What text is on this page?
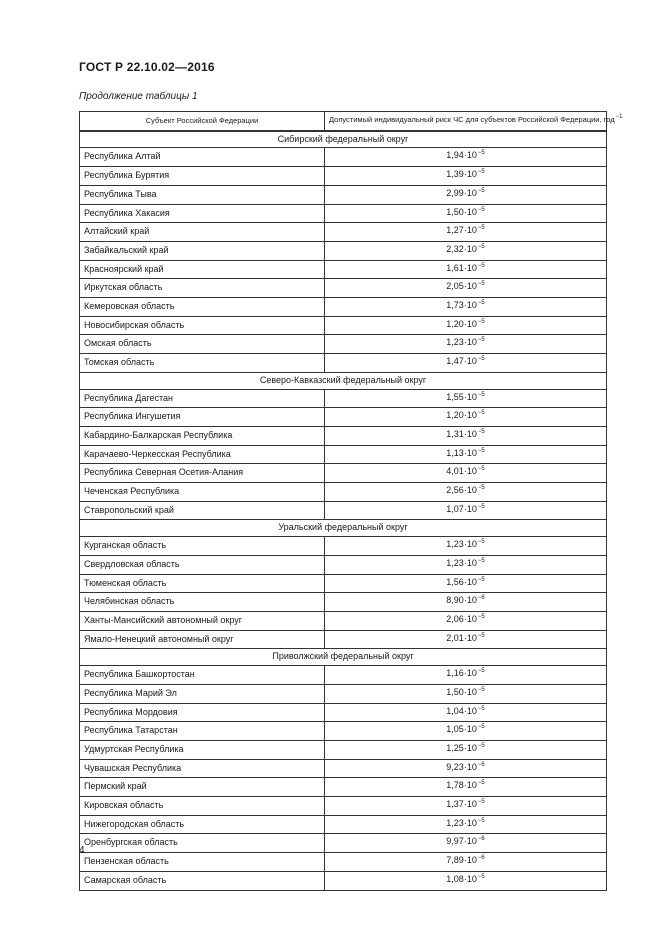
ГОСТ Р 22.10.02—2016
Продолжение таблицы 1
Субъект Российской Федерации	Допустимый индивидуальный риск ЧС для субъектов Российской Федерации, год$^{-1}$
Сибирский федеральный округ	
Республика Алтай	$1,94\cdot 10^{-5}$
Республика Бурятия	$1,39\cdot 10^{-5}$
Республика Тыва	$2,99\cdot 10^{-5}$
Республика Хакасия	$1,50\cdot 10^{-5}$
Алтайский край	$1,27\cdot 10^{-5}$
Забайкальский край	$2,32\cdot 10^{-5}$
Красноярский край	$1,61\cdot 10^{-5}$
Иркутская область	$2,05\cdot 10^{-5}$
Кемеровская область	$1,73\cdot 10^{-5}$
Новосибирская область	$1,20\cdot 10^{-5}$
Омская область	$1,23\cdot 10^{-5}$
Томская область	$1,47\cdot 10^{-5}$
Северо-Кавказский федеральный округ	
Республика Дагестан	$1,55\cdot 10^{-5}$
Республика Ингушетия	$1,20\cdot 10^{-5}$
Кабардино-Балкарская Республика	$1,31\cdot 10^{-5}$
Карачаево-Черкесская Республика	$1,13\cdot 10^{-5}$
Республика Северная Осетия-Алания	$4,01\cdot 10^{-5}$
Чеченская Республика	$2,56\cdot 10^{-5}$
Ставропольский край	$1,07\cdot 10^{-5}$
Уральский федеральный округ	
Курганская область	$1,23\cdot 10^{-5}$
Свердловская область	$1,23\cdot 10^{-5}$
Тюменская область	$1,56\cdot 10^{-5}$
Челябинская область	$8,90\cdot 10^{-6}$
Ханты-Мансийский автономный округ	$2,06\cdot 10^{-5}$
Ямало-Ненецкий автономный округ	$2,01\cdot 10^{-5}$
Приволжский федеральный округ	
Республика Башкортостан	$1,16\cdot 10^{-5}$
Республика Марий Эл	$1,50\cdot 10^{-5}$
Республика Мордовия	$1,04\cdot 10^{-5}$
Республика Татарстан	$1,05\cdot 10^{-5}$
Удмуртская Республика	$1,25\cdot 10^{-5}$
Чувашская Республика	$9,23\cdot 10^{-6}$
Пермский край	$1,78\cdot 10^{-5}$
Кировская область	$1,37\cdot 10^{-5}$
Нижегородская область	$1,23\cdot 10^{-5}$
Оренбургская область	$9,97\cdot 10^{-6}$
Пензенская область	$7,89\cdot 10^{-6}$
Самарская область	$1,08\cdot 10^{-5}$
4
